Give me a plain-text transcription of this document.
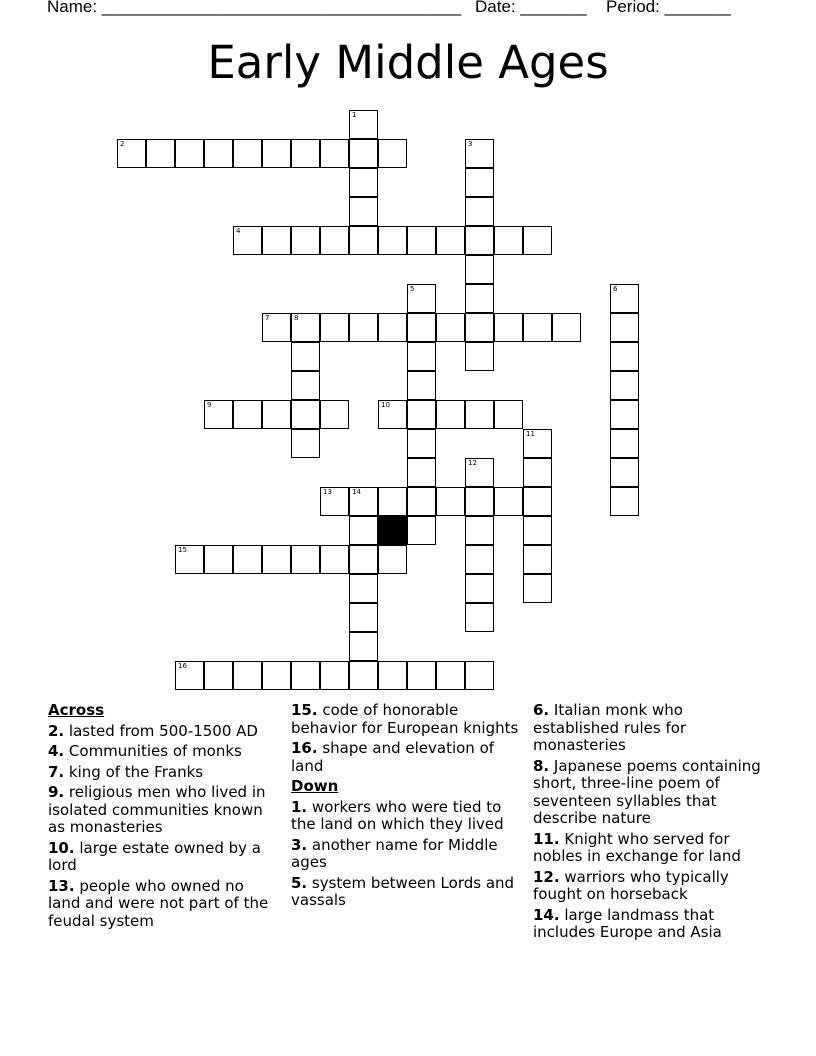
Name: ______________________________________ Date: _______ Period: _______
Early Middle Ages
1
2	3
4
5	6
7	8
9	10
11
12
13	14
15
16
Across
2. lasted from 500-1500 AD
4. Communities of monks
7. king of the Franks
9. religious men who lived in isolated communities known as monasteries
10. large estate owned by a lord
13. people who owned no land and were not part of the feudal system
15. code of honorable behavior for European knights
16. shape and elevation of land
Down
1. workers who were tied to the land on which they lived
3. another name for Middle ages
5. system between Lords and vassals
6. Italian monk who established rules for monasteries
8. Japanese poems containing short, three-line poem of seventeen syllables that describe nature
11. Knight who served for nobles in exchange for land
12. warriors who typically fought on horseback
14. large landmass that includes Europe and Asia
